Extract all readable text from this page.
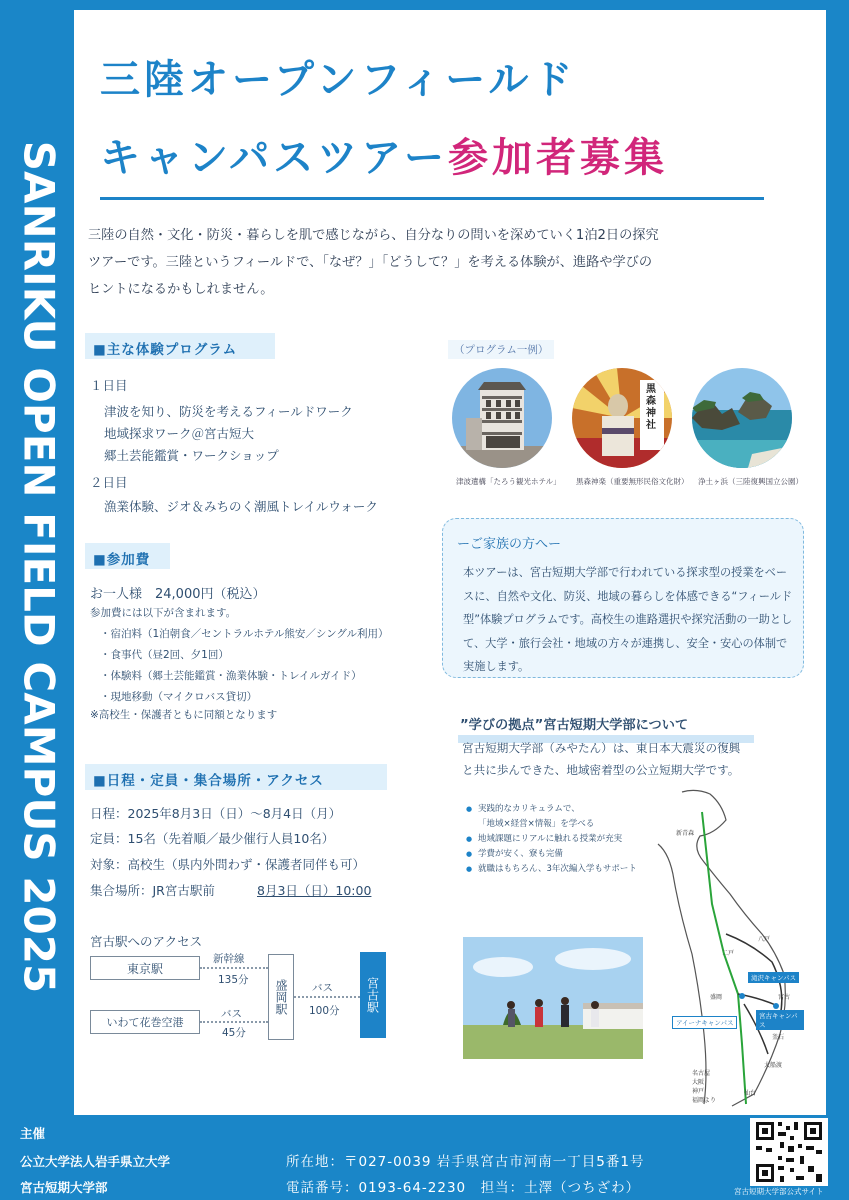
SANRIKU OPEN FIELD CAMPUS 2025
三陸オープンフィールド
キャンパスツアー参加者募集
三陸の自然・文化・防災・暮らしを肌で感じながら、自分なりの問いを深めていく1泊2日の探究
ツアーです。三陸というフィールドで、「なぜ？」「どうして？」を考える体験が、進路や学びの
ヒントになるかもしれません。
■主な体験プログラム
１日目
津波を知り、防災を考えるフィールドワーク
地域探求ワーク＠宮古短大
郷土芸能鑑賞・ワークショップ
２日目
漁業体験、ジオ＆みちのく潮風トレイルウォーク
（プログラム一例）
津波遺構「たろう観光ホテル」
黒森神社
黒森神楽（重要無形民俗文化財） 浄土ヶ浜（三陸復興国立公園）
■参加費
お一人様　24,000円（税込）
参加費には以下が含まれます。
・宿泊料（1泊朝食／セントラルホテル熊安／シングル利用）
・食事代（昼2回、夕1回）
・体験料（郷土芸能鑑賞・漁業体験・トレイルガイド）
・現地移動（マイクロバス貸切）
※高校生・保護者ともに同額となります
■日程・定員・集合場所・アクセス
日程：2025年8月3日（日）～8月4日（月）
定員：15名（先着順／最少催行人員10名）
対象：高校生（県内外問わず・保護者同伴も可）
集合場所：JR宮古駅前	8月3日（日）10:00
宮古駅へのアクセス
東京駅
いわて花巻空港
新幹線
135分
バス
45分
盛岡駅	バス
100分	宮古駅
ーご家族の方へー
本ツアーは、宮古短期大学部で行われている探求型の授業をベースに、自然や文化、防災、地域の暮らしを体感できる“フィールド型”体験プログラムです。高校生の進路選択や探究活動の一助として、大学・旅行会社・地域の方々が連携し、安全・安心の体制で実施します。
”学びの拠点”宮古短期大学部について
宮古短期大学部（みやたん）は、東日本大震災の復興
と共に歩んできた、地域密着型の公立短期大学です。
● 実践的なカリキュラムで、
「地域×経営×情報」を学べる
● 地域課題にリアルに触れる授業が充実
● 学費が安く、寮も完備
● 就職はもちろん、3年次編入学もサポート
新青森
八戸
二戸
盛岡	宮古
釜石
大船渡
仙台
滝沢キャンパス
宮古キャンパス
アイーナキャンパス
名古屋
大阪
神戸
福岡より
主催
公立大学法人岩手県立大学
宮古短期大学部
所在地：〒027-0039 岩手県宮古市河南一丁目5番1号
電話番号：0193-64-2230　担当：土澤（つちざわ）	宮古短期大学部公式サイト
